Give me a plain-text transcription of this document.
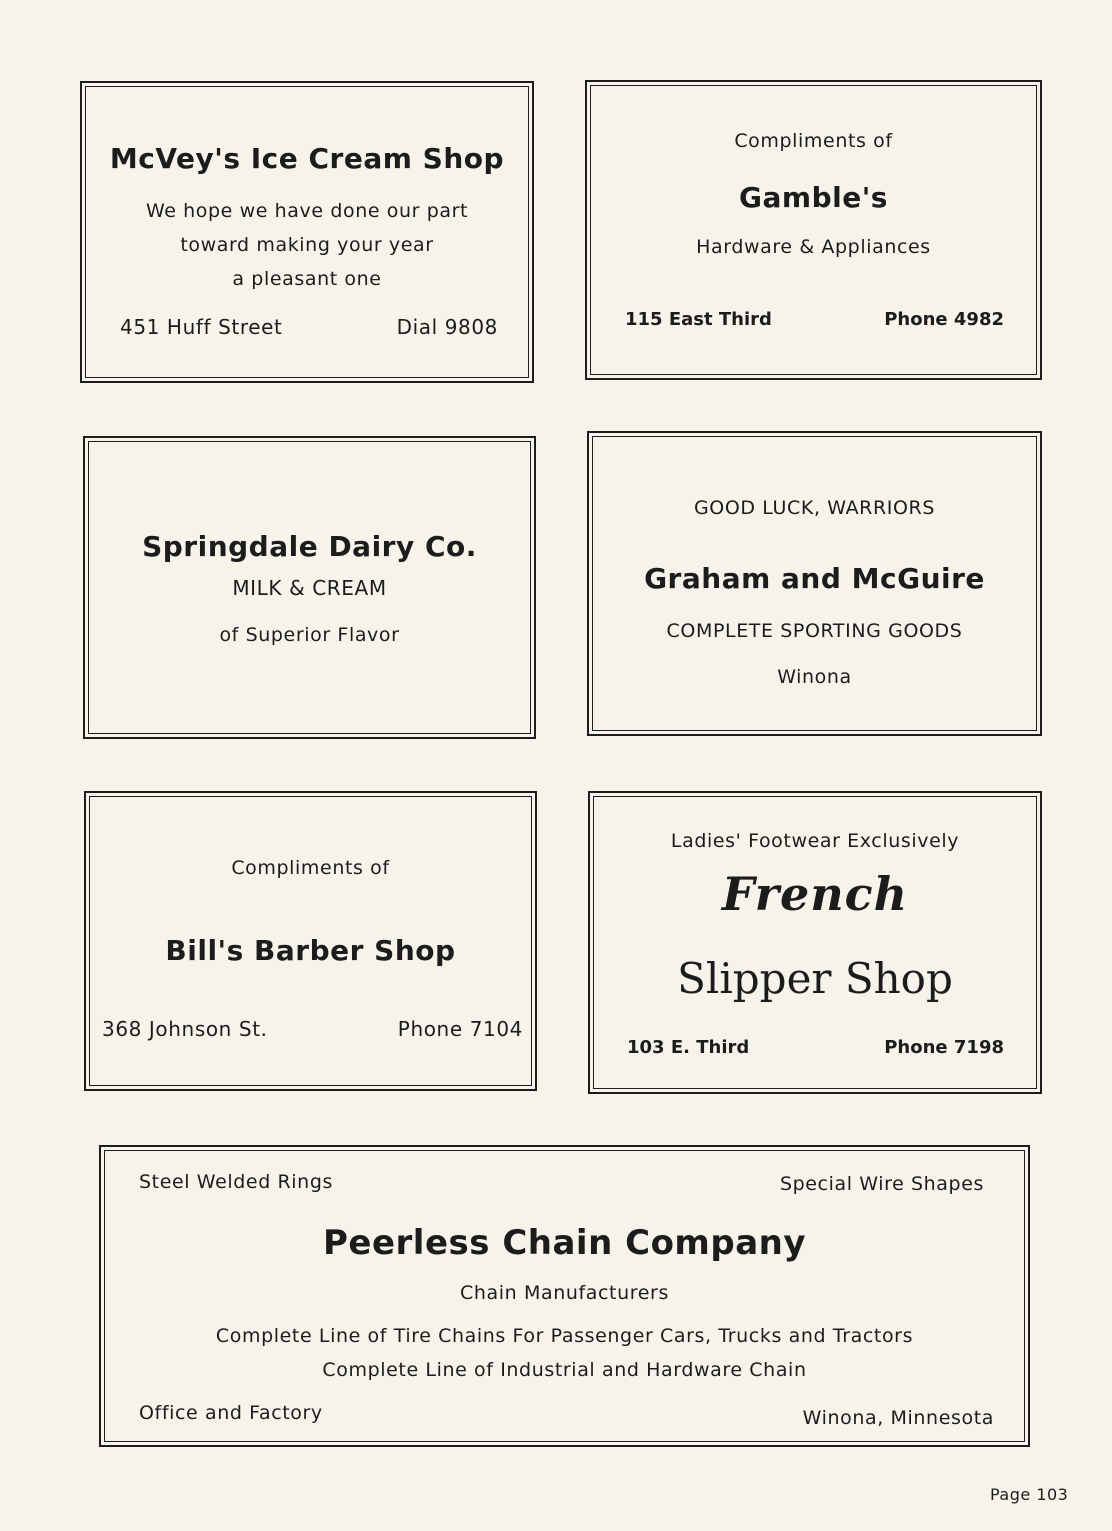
McVey's Ice Cream Shop
We hope we have done our part
toward making your year
a pleasant one
451 Huff Street	Dial 9808
Compliments of
Gamble's
Hardware & Appliances
115 East Third	Phone 4982
Springdale Dairy Co.
MILK & CREAM
of Superior Flavor
GOOD LUCK, WARRIORS
Graham and McGuire
COMPLETE SPORTING GOODS
Winona
Compliments of
Bill's Barber Shop
368 Johnson St.	Phone 7104
Ladies' Footwear Exclusively
French
Slipper Shop
103 E. Third	Phone 7198
Steel Welded Rings	Special Wire Shapes
Peerless Chain Company
Chain Manufacturers
Complete Line of Tire Chains For Passenger Cars, Trucks and Tractors
Complete Line of Industrial and Hardware Chain
Office and Factory	Winona, Minnesota
Page 103
